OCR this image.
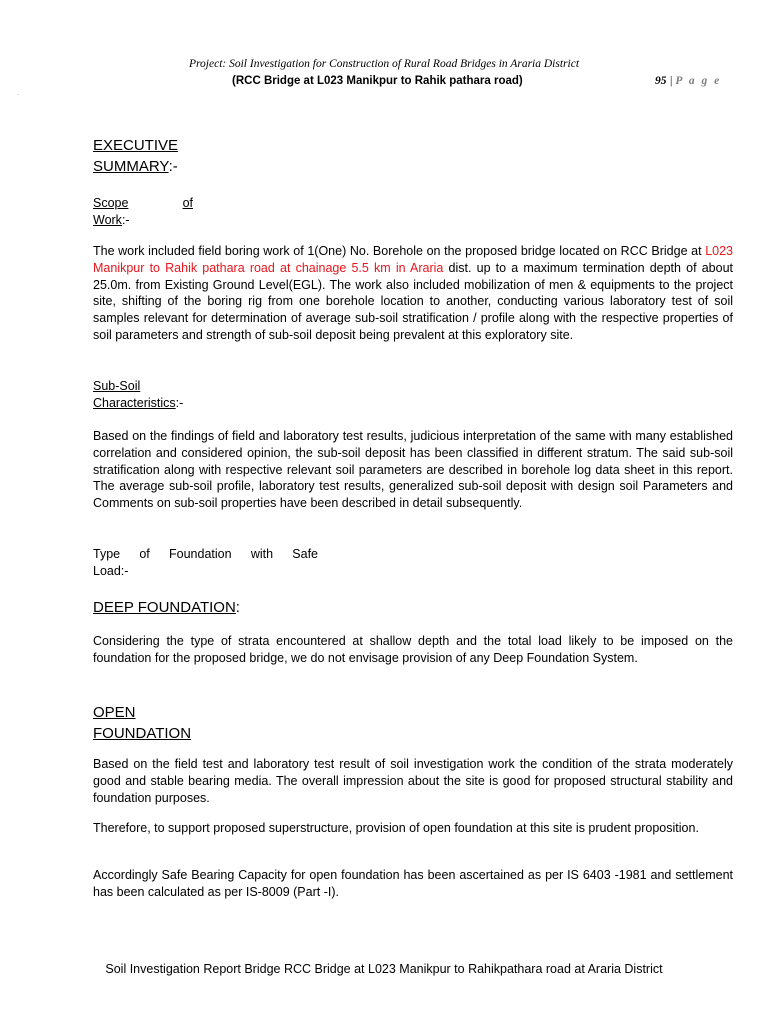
Project: Soil Investigation for Construction of Rural Road Bridges in Araria District
(RCC Bridge at L023 Manikpur to Rahik pathara road)	95 | P a g e
.
EXECUTIVE
SUMMARY:-
Scope	of
Work:-

The work included field boring work of 1(One) No. Borehole on the proposed bridge located on RCC Bridge at L023 Manikpur to Rahik pathara road at chainage 5.5 km in Araria dist. up to a maximum termination depth of about 25.0m. from Existing Ground Level(EGL). The work also included mobilization of men & equipments to the project site, shifting of the boring rig from one borehole location to another, conducting various laboratory test of soil samples relevant for determination of average sub-soil stratification / profile along with the respective properties of soil parameters and strength of sub-soil deposit being prevalent at this exploratory site.

Sub-Soil
Characteristics:-

Based on the findings of field and laboratory test results, judicious interpretation of the same with many established correlation and considered opinion, the sub-soil deposit has been classified in different stratum. The said sub-soil stratification along with respective relevant soil parameters are described in borehole log data sheet in this report. The average sub-soil profile, laboratory test results, generalized sub-soil deposit with design soil Parameters and Comments on sub-soil properties have been described in detail subsequently.

Type of Foundation with Safe
Load:-
DEEP FOUNDATION:

Considering the type of strata encountered at shallow depth and the total load likely to be imposed on the foundation for the proposed bridge, we do not envisage provision of any Deep Foundation System.

OPEN
FOUNDATION

Based on the field test and laboratory test result of soil investigation work the condition of the strata moderately good and stable bearing media. The overall impression about the site is good for proposed structural stability and foundation purposes.

Therefore, to support proposed superstructure, provision of open foundation at this site is prudent proposition.

Accordingly Safe Bearing Capacity for open foundation has been ascertained as per IS 6403 -1981 and settlement has been calculated as per IS-8009 (Part -I).

Soil Investigation Report Bridge RCC Bridge at L023 Manikpur to Rahikpathara road at Araria District
